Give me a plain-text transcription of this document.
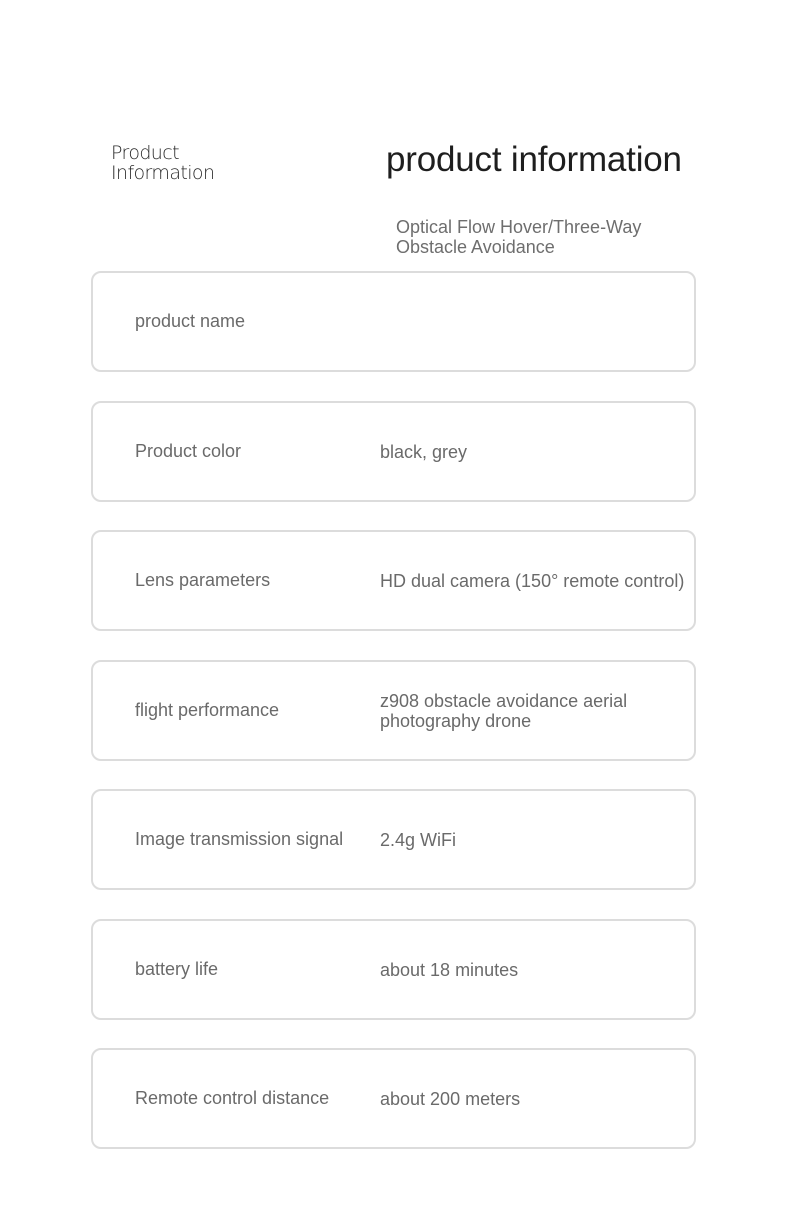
Product
Information	product information
Optical Flow Hover/Three-Way Obstacle Avoidance
product name
Product color	black, grey
Lens parameters	HD dual camera (150° remote control)
flight performance	z908 obstacle avoidance aerial photography drone
Image transmission signal 2.4g WiFi
battery life	about 18 minutes
Remote control distance	about 200 meters
